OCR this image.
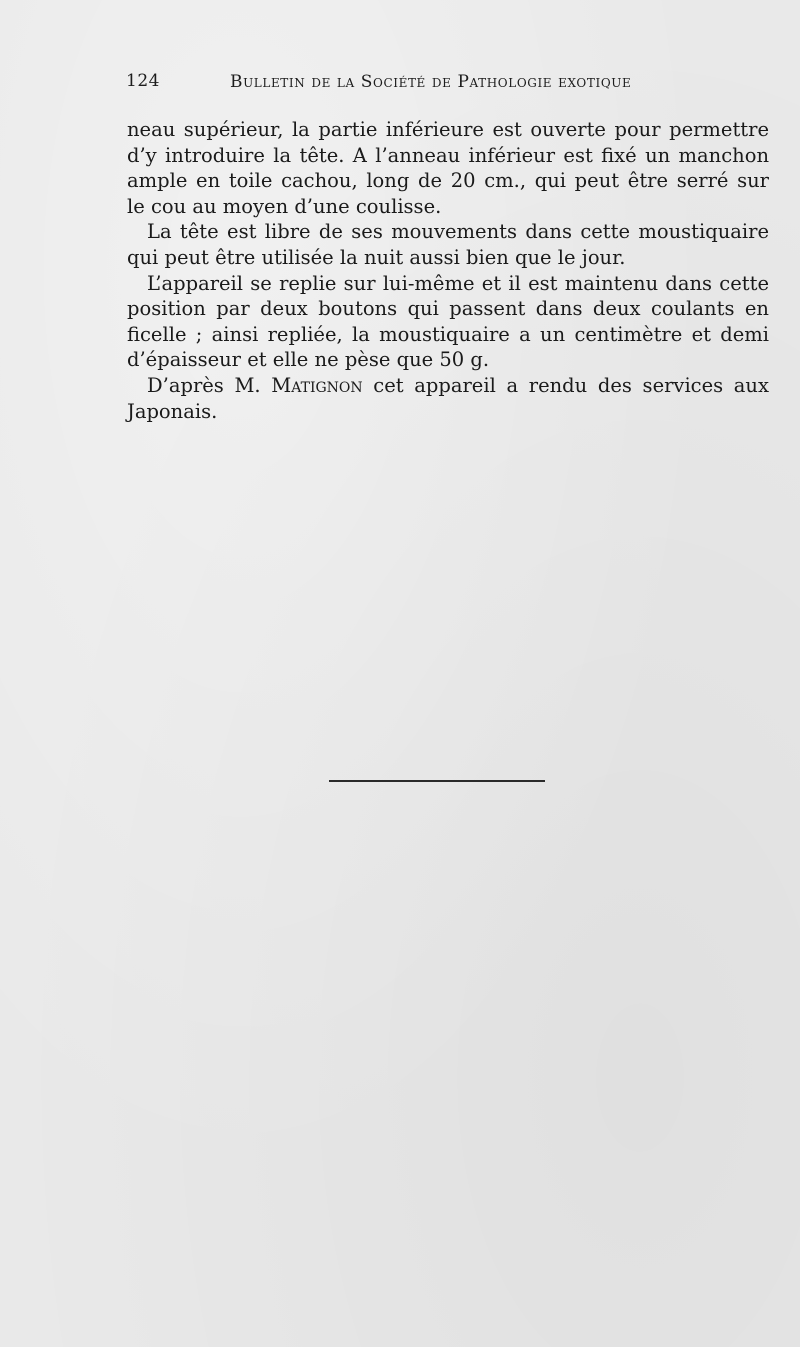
124	Bulletin de la Société de Pathologie exotique
neau supérieur, la partie inférieure est ouverte pour permettre
d’y introduire la tête. A l’anneau inférieur est fixé un manchon
ample en toile cachou, long de 20 cm., qui peut être serré sur
le cou au moyen d’une coulisse.
La tête est libre de ses mouvements dans cette moustiquaire
qui peut être utilisée la nuit aussi bien que le jour.
L’appareil se replie sur lui-même et il est maintenu dans cette
position par deux boutons qui passent dans deux coulants en
ficelle ; ainsi repliée, la moustiquaire a un centimètre et demi
d’épaisseur et elle ne pèse que 50 g.
D’après M. Matignon cet appareil a rendu des services aux
Japonais.
